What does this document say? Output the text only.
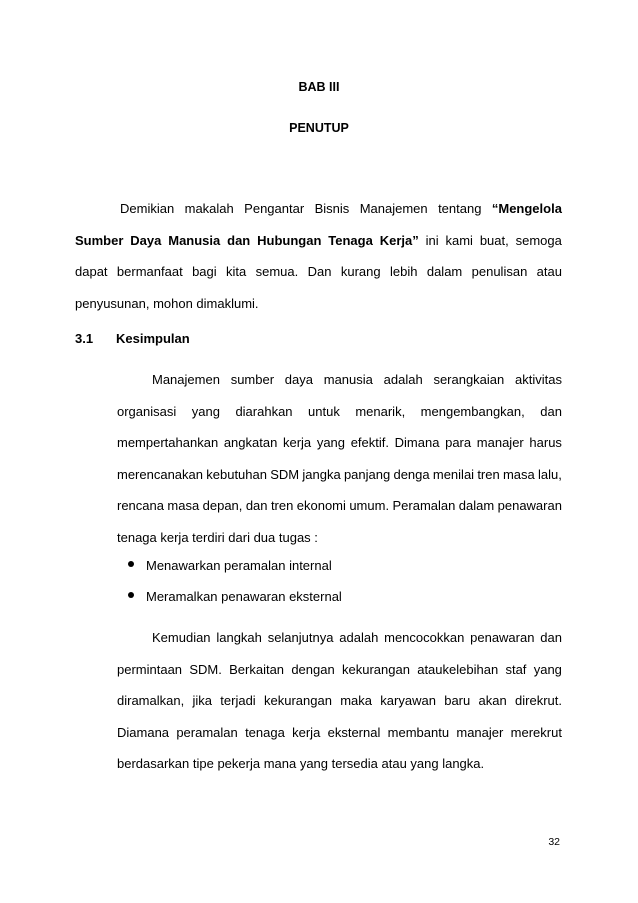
BAB III
PENUTUP
Demikian makalah Pengantar Bisnis Manajemen tentang “Mengelola
Sumber Daya Manusia dan Hubungan Tenaga Kerja” ini kami buat, semoga
dapat bermanfaat bagi kita semua. Dan kurang lebih dalam penulisan atau
penyusunan, mohon dimaklumi.
3.1 Kesimpulan
Manajemen sumber daya manusia adalah serangkaian aktivitas
organisasi yang diarahkan untuk menarik, mengembangkan, dan
mempertahankan angkatan kerja yang efektif. Dimana para manajer harus
merencanakan kebutuhan SDM jangka panjang denga menilai tren masa lalu,
rencana masa depan, dan tren ekonomi umum. Peramalan dalam penawaran
tenaga kerja terdiri dari dua tugas :
Menawarkan peramalan internal
Meramalkan penawaran eksternal
Kemudian langkah selanjutnya adalah mencocokkan penawaran dan
permintaan SDM. Berkaitan dengan kekurangan ataukelebihan staf yang
diramalkan, jika terjadi kekurangan maka karyawan baru akan direkrut.
Diamana peramalan tenaga kerja eksternal membantu manajer merekrut
berdasarkan tipe pekerja mana yang tersedia atau yang langka.
32
